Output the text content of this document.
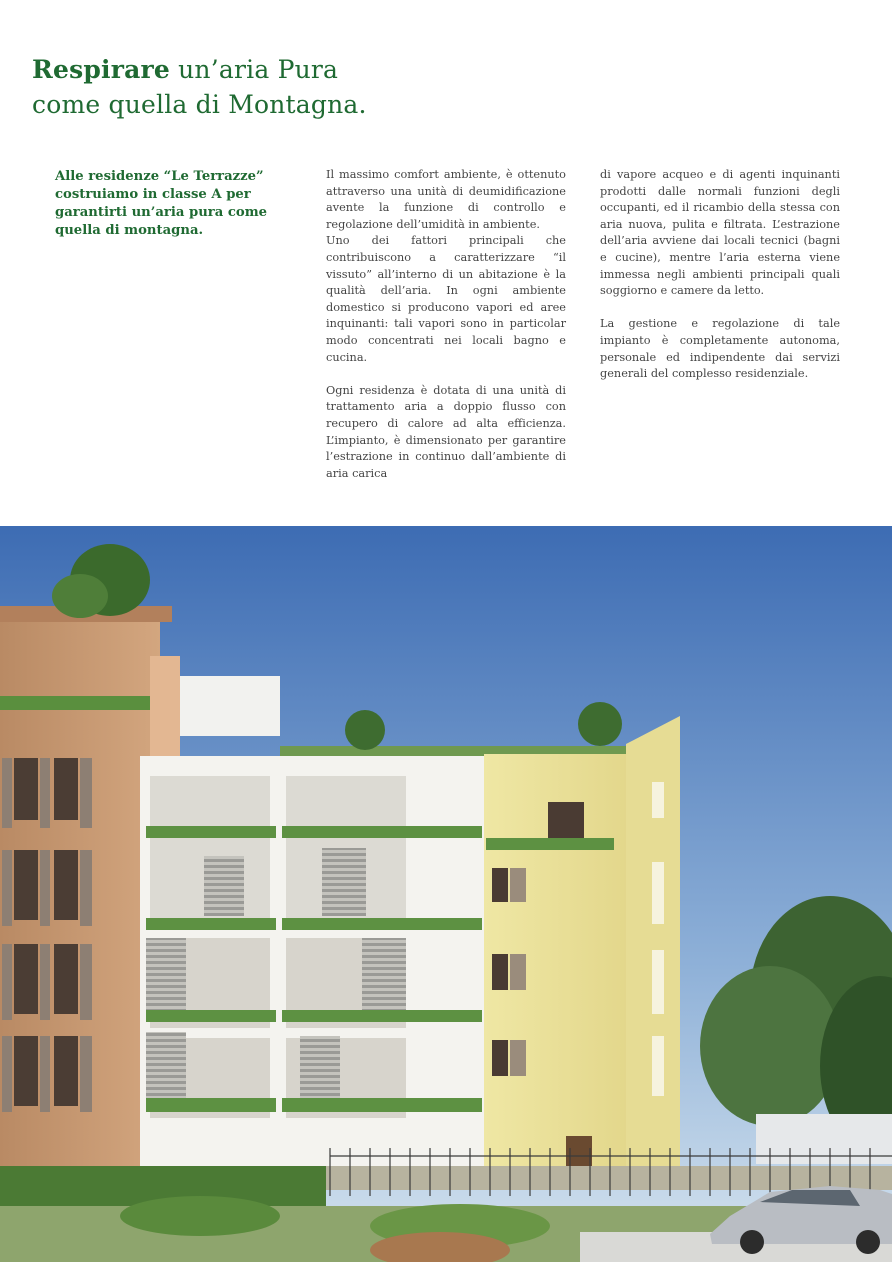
Respirare un’aria Pura
come quella di Montagna.
Alle residenze “Le Terrazze” costruiamo in classe A per garantirti un’aria pura come quella di montagna.

Il massimo comfort ambiente, è ottenuto attraverso una unità di deumidificazione avente la funzione di controllo e regolazione dell’umidità in ambiente.

Uno dei fattori principali che contribuiscono a caratterizzare “il vissuto” all’interno di un abitazione è la qualità dell’aria. In ogni ambiente domestico si producono vapori ed aree inquinanti: tali vapori sono in particolar modo concentrati nei locali bagno e cucina.

Ogni residenza è dotata di una unità di trattamento aria a doppio flusso con recupero di calore ad alta efficienza. L’impianto, è dimensionato per garantire l’estrazione in continuo dall’ambiente di aria carica

di vapore acqueo e di agenti inquinanti prodotti dalle normali funzioni degli occupanti, ed il ricambio della stessa con aria nuova, pulita e filtrata. L’estrazione dell’aria avviene dai locali tecnici (bagni e cucine), mentre l’aria esterna viene immessa negli ambienti principali quali soggiorno e camere da letto.

La gestione e regolazione di tale impianto è completamente autonoma, personale ed indipendente dai servizi generali del complesso residenziale.
